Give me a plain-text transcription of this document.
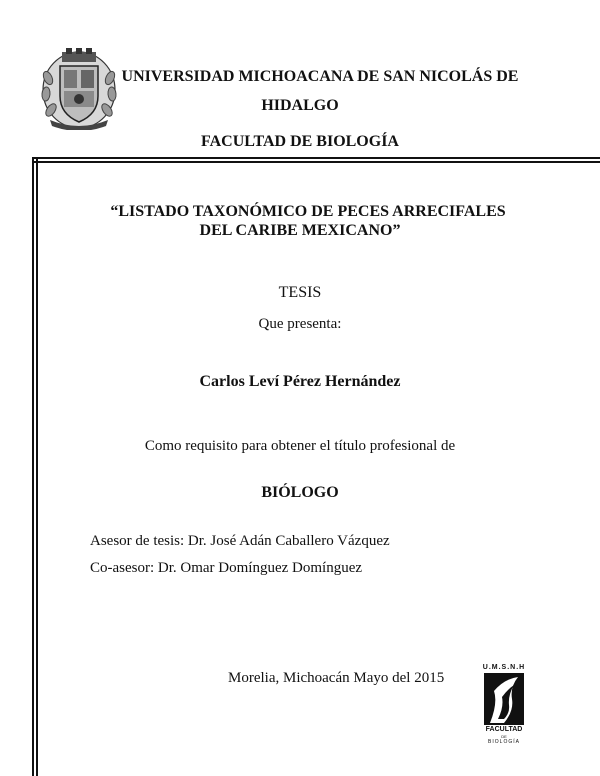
UNIVERSIDAD MICHOACANA DE SAN NICOLÁS DE
HIDALGO
FACULTAD DE BIOLOGÍA
“LISTADO TAXONÓMICO DE PECES ARRECIFALES
DEL CARIBE MEXICANO”
TESIS
Que presenta:
Carlos Leví Pérez Hernández
Como requisito para obtener el título profesional de
BIÓLOGO
Asesor de tesis: Dr. José Adán Caballero Vázquez
Co-asesor: Dr. Omar Domínguez Domínguez
Morelia, Michoacán Mayo del 2015
U.M.S.N.H
FACULTAD
DE
BIOLOGÍA
